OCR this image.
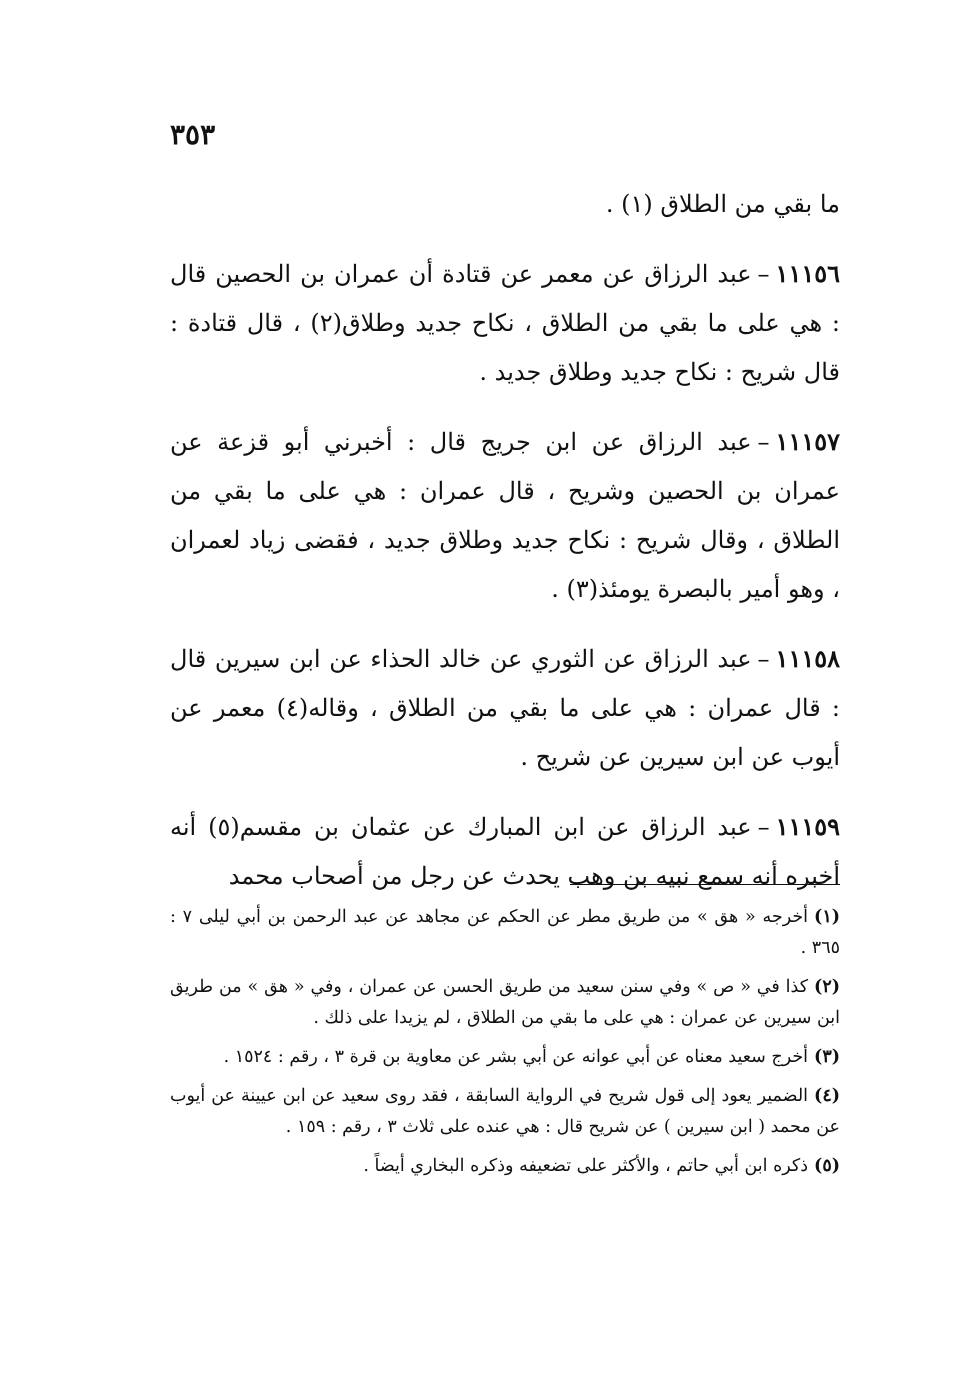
٣٥٣

ما بقي من الطلاق (١) .

١١١٥٦–عبد الرزاق عن معمر عن قتادة أن عمران بن الحصين قال : هي على ما بقي من الطلاق ، نكاح جديد وطلاق(٢) ، قال قتادة : قال شريح : نكاح جديد وطلاق جديد .

١١١٥٧–عبد الرزاق عن ابن جريج قال : أخبرني أبو قزعة عن عمران بن الحصين وشريح ، قال عمران : هي على ما بقي من الطلاق ، وقال شريح : نكاح جديد وطلاق جديد ، فقضى زياد لعمران ، وهو أمير بالبصرة يومئذ(٣) .

١١١٥٨–عبد الرزاق عن الثوري عن خالد الحذاء عن ابن سيرين قال : قال عمران : هي على ما بقي من الطلاق ، وقاله(٤) معمر عن أيوب عن ابن سيرين عن شريح .

١١١٥٩–عبد الرزاق عن ابن المبارك عن عثمان بن مقسم(٥) أنه أخبره أنه سمع نبيه بن وهب يحدث عن رجل من أصحاب محمد

(١)أخرجه « هق » من طريق مطر عن الحكم عن مجاهد عن عبد الرحمن بن أبي ليلى ٧ : ٣٦٥ .

(٢)كذا في « ص » وفي سنن سعيد من طريق الحسن عن عمران ، وفي « هق » من طريق ابن سيرين عن عمران : هي على ما بقي من الطلاق ، لم يزيدا على ذلك .

(٣)أخرج سعيد معناه عن أبي عوانه عن أبي بشر عن معاوية بن قرة ٣ ، رقم : ١٥٢٤ .

(٤)الضمير يعود إلى قول شريح في الرواية السابقة ، فقد روى سعيد عن ابن عيينة عن أيوب عن محمد ( ابن سيرين ) عن شريح قال : هي عنده على ثلاث ٣ ، رقم : ١٥٩ .

(٥)ذكره ابن أبي حاتم ، والأكثر على تضعيفه وذكره البخاري أيضاً .
